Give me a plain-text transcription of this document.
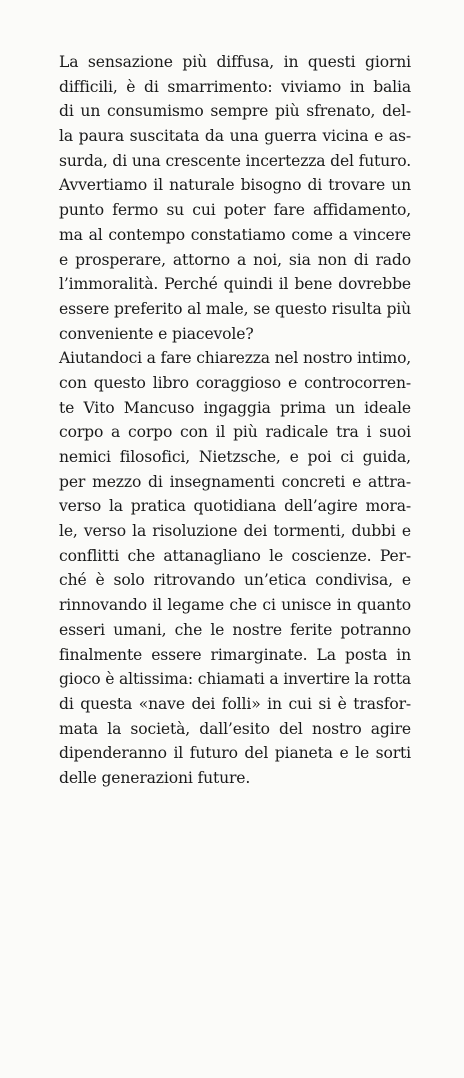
La sensazione più diffusa, in questi giorni
difficili, è di smarrimento: viviamo in balia
di un consumismo sempre più sfrenato, del-
la paura suscitata da una guerra vicina e as-
surda, di una crescente incertezza del futuro.
Avvertiamo il naturale bisogno di trovare un
punto fermo su cui poter fare affidamento,
ma al contempo constatiamo come a vincere
e prosperare, attorno a noi, sia non di rado
l’immoralità. Perché quindi il bene dovrebbe
essere preferito al male, se questo risulta più
conveniente e piacevole?
Aiutandoci a fare chiarezza nel nostro intimo,
con questo libro coraggioso e controcorren-
te Vito Mancuso ingaggia prima un ideale
corpo a corpo con il più radicale tra i suoi
nemici filosofici, Nietzsche, e poi ci guida,
per mezzo di insegnamenti concreti e attra-
verso la pratica quotidiana dell’agire mora-
le, verso la risoluzione dei tormenti, dubbi e
conflitti che attanagliano le coscienze. Per-
ché è solo ritrovando un’etica condivisa, e
rinnovando il legame che ci unisce in quanto
esseri umani, che le nostre ferite potranno
finalmente essere rimarginate. La posta in
gioco è altissima: chiamati a invertire la rotta
di questa «nave dei folli» in cui si è trasfor-
mata la società, dall’esito del nostro agire
dipenderanno il futuro del pianeta e le sorti
delle generazioni future.
